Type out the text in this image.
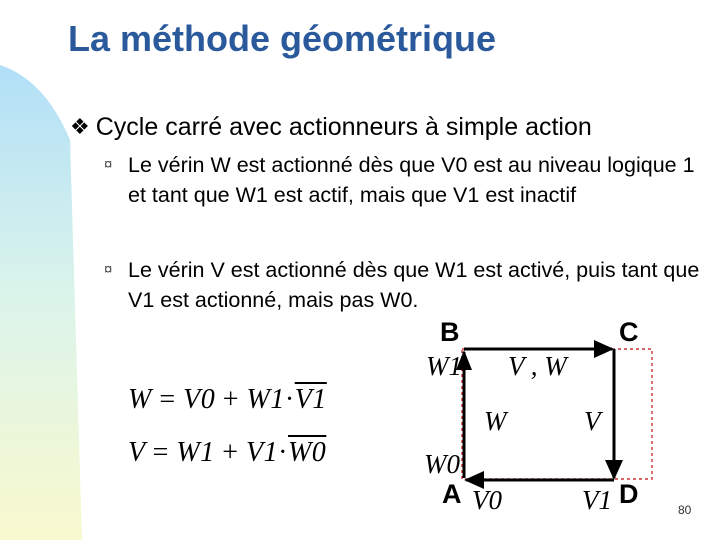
La méthode géométrique
❖ Cycle carré avec actionneurs à simple action
¤ Le vérin W est actionné dès que V0 est au niveau logique 1 et tant que W1 est actif, mais que V1 est inactif
¤ Le vérin V est actionné dès que W1 est activé, puis tant que V1 est actionné, mais pas W0.
W = V0 + W1·V1
V = W1 + V1·W0
B	C
A	D
W1 V , W
W	V
W0
V0	V1	80
